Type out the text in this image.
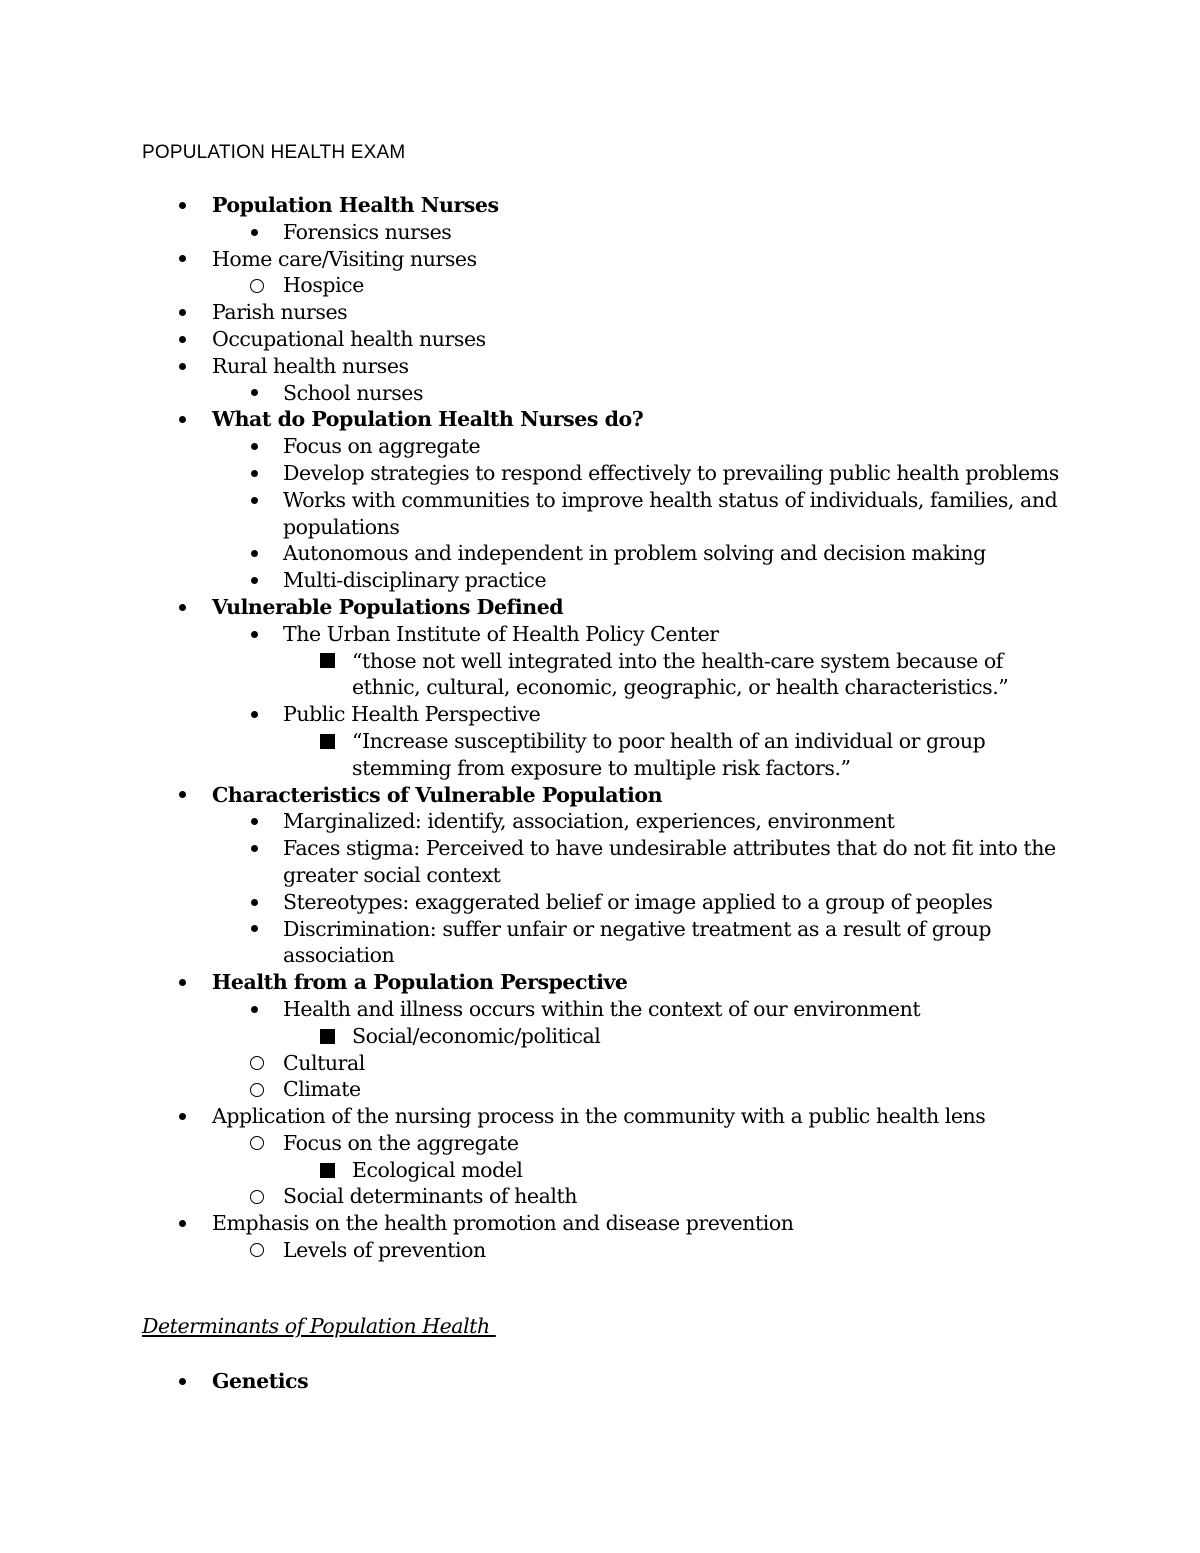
POPULATION HEALTH EXAM
Population Health Nurses
Forensics nurses
Home care/Visiting nurses
Hospice
Parish nurses
Occupational health nurses
Rural health nurses
School nurses
What do Population Health Nurses do?
Focus on aggregate
Develop strategies to respond effectively to prevailing public health problems
Works with communities to improve health status of individuals, families, and populations
Autonomous and independent in problem solving and decision making
Multi-disciplinary practice
Vulnerable Populations Defined
The Urban Institute of Health Policy Center
“those not well integrated into the health-care system because of ethnic, cultural, economic, geographic, or health characteristics.”
Public Health Perspective
“Increase susceptibility to poor health of an individual or group stemming from exposure to multiple risk factors.”
Characteristics of Vulnerable Population
Marginalized: identify, association, experiences, environment
Faces stigma: Perceived to have undesirable attributes that do not fit into the greater social context
Stereotypes: exaggerated belief or image applied to a group of peoples
Discrimination: suffer unfair or negative treatment as a result of group association
Health from a Population Perspective
Health and illness occurs within the context of our environment
Social/economic/political
Cultural
Climate
Application of the nursing process in the community with a public health lens
Focus on the aggregate
Ecological model
Social determinants of health
Emphasis on the health promotion and disease prevention
Levels of prevention
Determinants of Population Health
Genetics
